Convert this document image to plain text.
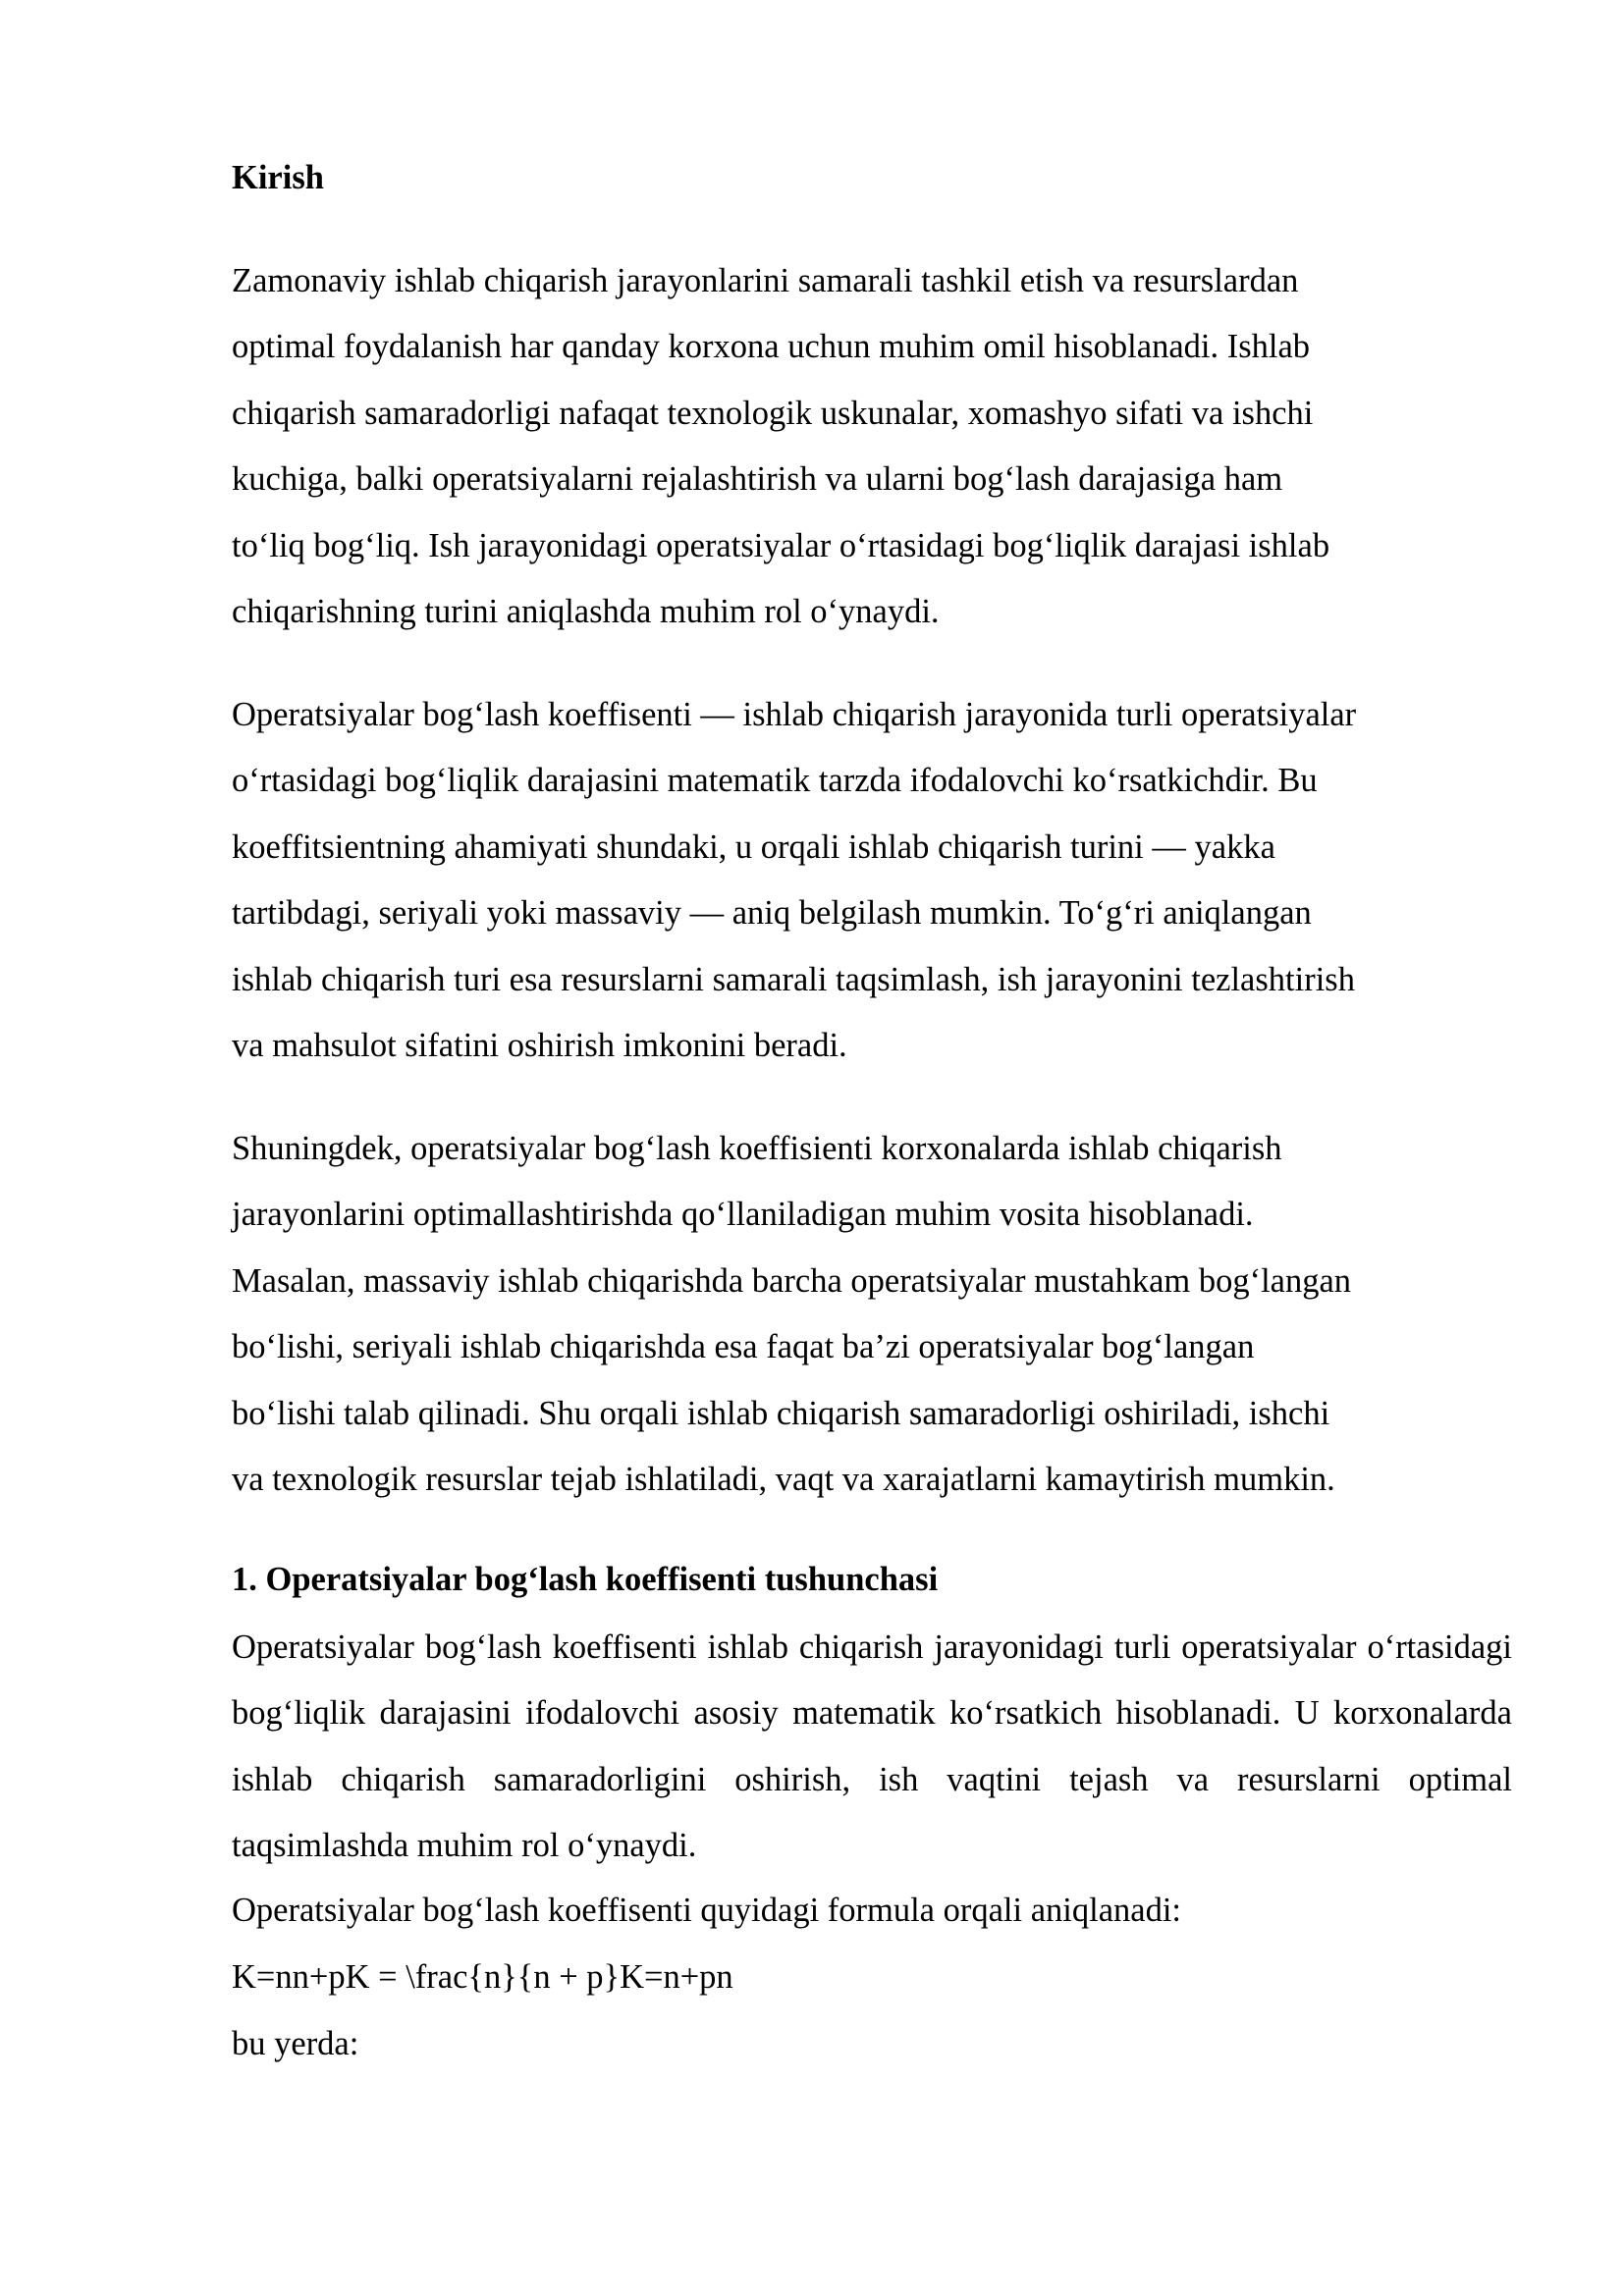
Kirish
Zamonaviy ishlab chiqarish jarayonlarini samarali tashkil etish va resurslardan
optimal foydalanish har qanday korxona uchun muhim omil hisoblanadi. Ishlab
chiqarish samaradorligi nafaqat texnologik uskunalar, xomashyo sifati va ishchi
kuchiga, balki operatsiyalarni rejalashtirish va ularni bog‘lash darajasiga ham
to‘liq bog‘liq. Ish jarayonidagi operatsiyalar o‘rtasidagi bog‘liqlik darajasi ishlab
chiqarishning turini aniqlashda muhim rol o‘ynaydi.
Operatsiyalar bog‘lash koeffisenti — ishlab chiqarish jarayonida turli operatsiyalar
o‘rtasidagi bog‘liqlik darajasini matematik tarzda ifodalovchi ko‘rsatkichdir. Bu
koeffitsientning ahamiyati shundaki, u orqali ishlab chiqarish turini — yakka
tartibdagi, seriyali yoki massaviy — aniq belgilash mumkin. To‘g‘ri aniqlangan
ishlab chiqarish turi esa resurslarni samarali taqsimlash, ish jarayonini tezlashtirish
va mahsulot sifatini oshirish imkonini beradi.
Shuningdek, operatsiyalar bog‘lash koeffisienti korxonalarda ishlab chiqarish
jarayonlarini optimallashtirishda qo‘llaniladigan muhim vosita hisoblanadi.
Masalan, massaviy ishlab chiqarishda barcha operatsiyalar mustahkam bog‘langan
bo‘lishi, seriyali ishlab chiqarishda esa faqat ba’zi operatsiyalar bog‘langan
bo‘lishi talab qilinadi. Shu orqali ishlab chiqarish samaradorligi oshiriladi, ishchi
va texnologik resurslar tejab ishlatiladi, vaqt va xarajatlarni kamaytirish mumkin.
1. Operatsiyalar bog‘lash koeffisenti tushunchasi
Operatsiyalar bog‘lash koeffisenti ishlab chiqarish jarayonidagi turli operatsiyalar o‘rtasidagi bog‘liqlik darajasini ifodalovchi asosiy matematik ko‘rsatkich hisoblanadi. U korxonalarda ishlab chiqarish samaradorligini oshirish, ish vaqtini tejash va resurslarni optimal taqsimlashda muhim rol o‘ynaydi.
Operatsiyalar bog‘lash koeffisenti quyidagi formula orqali aniqlanadi:
K=nn+pK = \frac{n}{n + p}K=n+pn
bu yerda:
